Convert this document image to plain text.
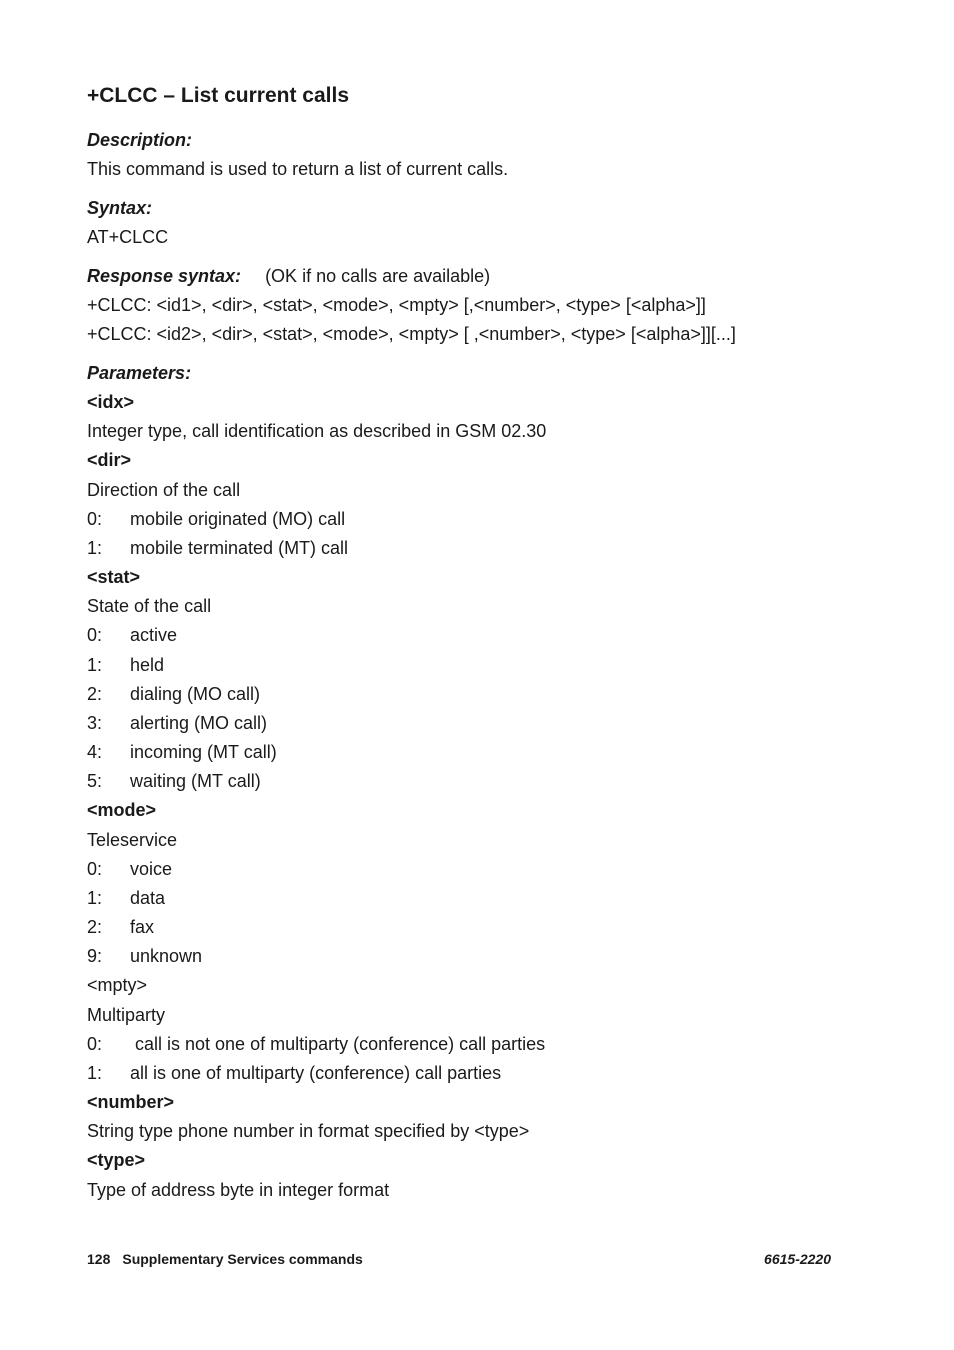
+CLCC – List current calls
Description:
This command is used to return a list of current calls.
Syntax:
AT+CLCC
Response syntax: (OK if no calls are available)
+CLCC: <id1>, <dir>, <stat>, <mode>, <mpty> [,<number>, <type> [<alpha>]]
+CLCC: <id2>, <dir>, <stat>, <mode>, <mpty> [ ,<number>, <type> [<alpha>]][...]
Parameters:
<idx>
Integer type, call identification as described in GSM 02.30
<dir>
Direction of the call
0: mobile originated (MO) call
1: mobile terminated (MT) call
<stat>
State of the call
0: active
1: held
2: dialing (MO call)
3: alerting (MO call)
4: incoming (MT call)
5: waiting (MT call)
<mode>
Teleservice
0: voice
1: data
2: fax
9: unknown
<mpty>
Multiparty
0: call is not one of multiparty (conference) call parties
1: all is one of multiparty (conference) call parties
<number>
String type phone number in format specified by <type>
<type>
Type of address byte in integer format
128 Supplementary Services commands	6615-2220
